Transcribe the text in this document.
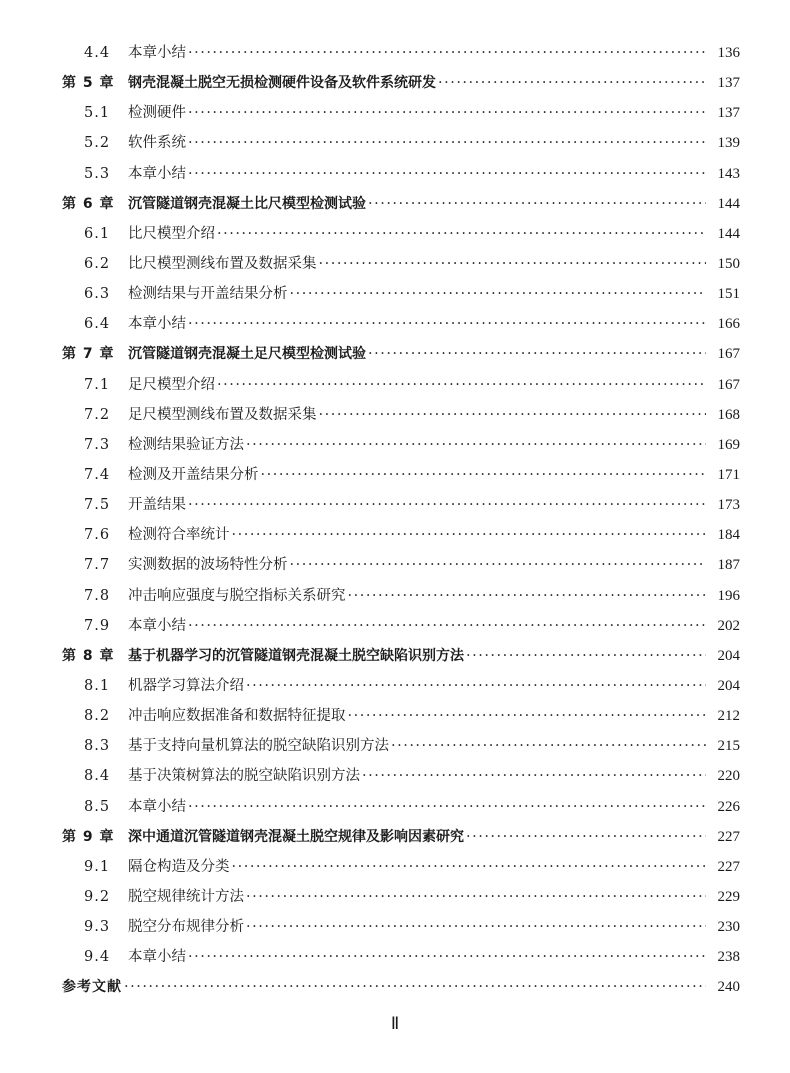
4.4	本章小结 ·····	136
第 5 章 钢壳混凝土脱空无损检测硬件设备及软件系统研发 ·····	137
5.1	检测硬件 ·····	137
5.2	软件系统 ·····	139
5.3	本章小结 ·····	143
第 6 章 沉管隧道钢壳混凝土比尺模型检测试验 ·····	144
6.1	比尺模型介绍 ·····	144
6.2	比尺模型测线布置及数据采集 ·····	150
6.3	检测结果与开盖结果分析 ·····	151
6.4	本章小结 ·····	166
第 7 章 沉管隧道钢壳混凝土足尺模型检测试验 ·····	167
7.1	足尺模型介绍 ·····	167
7.2	足尺模型测线布置及数据采集 ·····	168
7.3	检测结果验证方法 ·····	169
7.4	检测及开盖结果分析 ·····	171
7.5	开盖结果 ·····	173
7.6	检测符合率统计 ·····	184
7.7	实测数据的波场特性分析 ·····	187
7.8	冲击响应强度与脱空指标关系研究 ·····	196
7.9	本章小结 ·····	202
第 8 章 基于机器学习的沉管隧道钢壳混凝土脱空缺陷识别方法 ·····	204
8.1	机器学习算法介绍 ·····	204
8.2	冲击响应数据准备和数据特征提取 ·····	212
8.3	基于支持向量机算法的脱空缺陷识别方法 ·····	215
8.4	基于决策树算法的脱空缺陷识别方法 ·····	220
8.5	本章小结 ·····	226
第 9 章 深中通道沉管隧道钢壳混凝土脱空规律及影响因素研究 ·····	227
9.1	隔仓构造及分类 ·····	227
9.2	脱空规律统计方法 ·····	229
9.3	脱空分布规律分析 ·····	230
9.4	本章小结 ·····	238
参考文献 ·····	240
Ⅱ
